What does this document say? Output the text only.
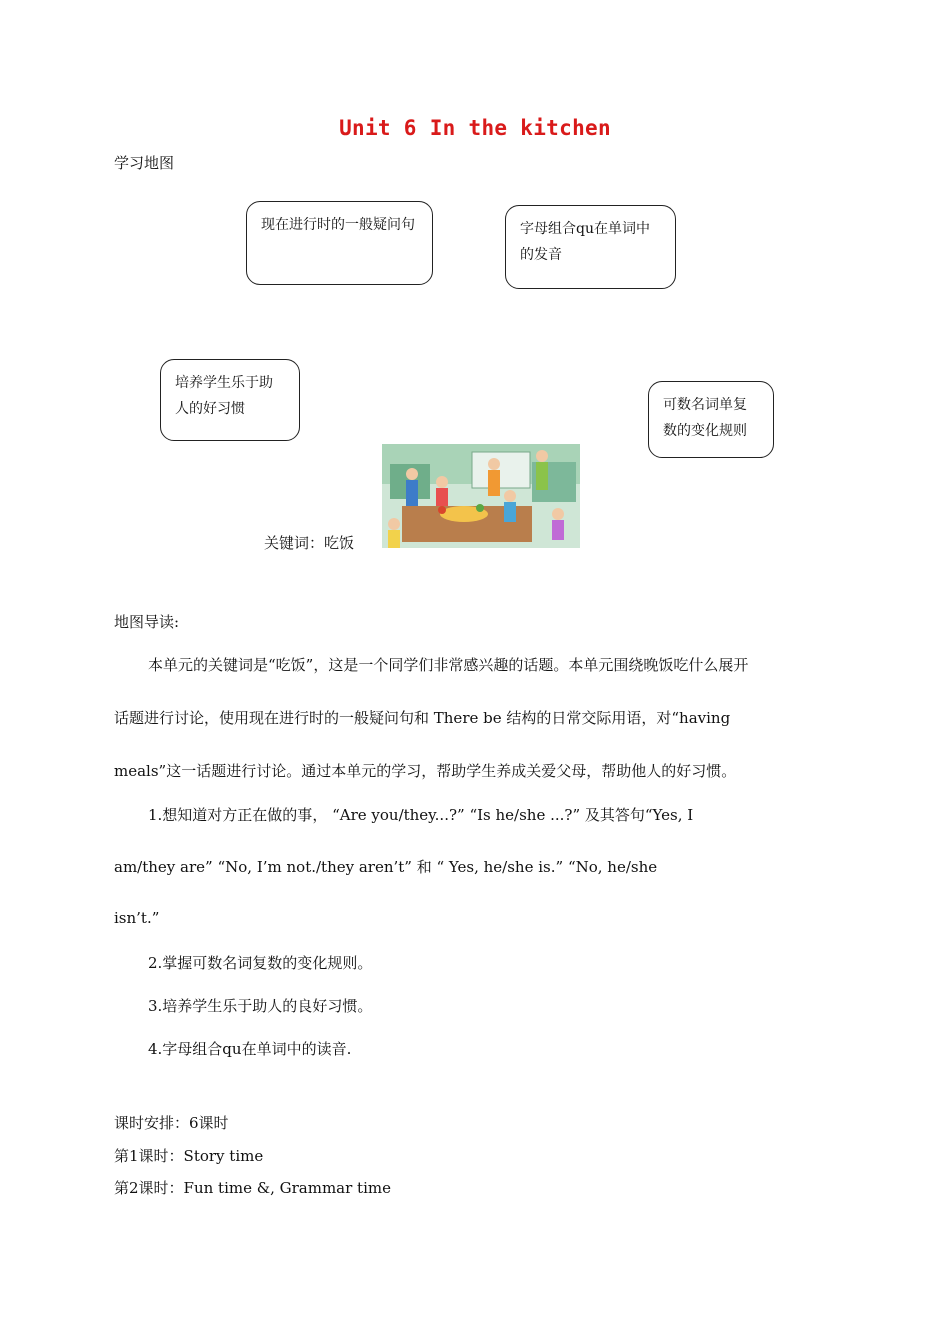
Unit 6 In the kitchen
学习地图
现在进行时的一般疑问句	字母组合qu在单词中的发音
培养学生乐于助人的好习惯	可数名词单复数的变化规则
关键词：吃饭
地图导读:
本单元的关键词是“吃饭”，这是一个同学们非常感兴趣的话题。本单元围绕晚饭吃什么展开
话题进行讨论，使用现在进行时的一般疑问句和 There be 结构的日常交际用语，对“having
meals”这一话题进行讨论。通过本单元的学习，帮助学生养成关爱父母，帮助他人的好习惯。
1.想知道对方正在做的事， “Are you/they...?” “Is he/she ...?” 及其答句“Yes, I
am/they are” “No, I’m not./they aren’t” 和 “ Yes, he/she is.” “No, he/she
isn’t.”
2.掌握可数名词复数的变化规则。
3.培养学生乐于助人的良好习惯。
4.字母组合qu在单词中的读音.
课时安排：6课时
第1课时：Story time
第2课时：Fun time &, Grammar time
